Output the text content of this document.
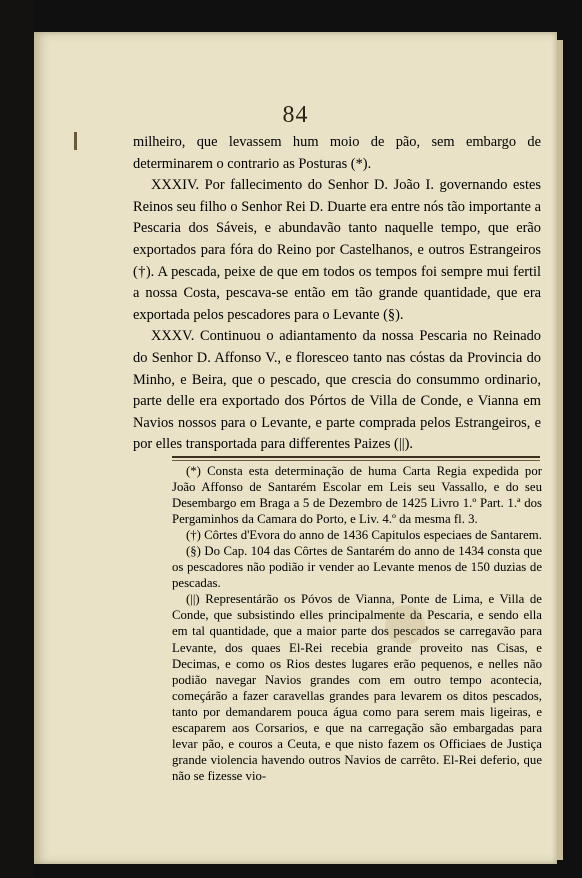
84

milheiro, que levassem hum moio de pão, sem embargo de determinarem o contrario as Posturas (*).

XXXIV. Por fallecimento do Senhor D. João I. governando estes Reinos seu filho o Senhor Rei D. Duarte era entre nós tão importante a Pescaria dos Sáveis, e abundavão tanto naquelle tempo, que erão exportados para fóra do Reino por Castelhanos, e outros Estrangeiros (†). A pescada, peixe de que em todos os tempos foi sempre mui fertil a nossa Costa, pescava-se então em tão grande quantidade, que era exportada pelos pescadores para o Levante (§).

XXXV. Continuou o adiantamento da nossa Pescaria no Reinado do Senhor D. Affonso V., e floresceo tanto nas cóstas da Provincia do Minho, e Beira, que o pescado, que crescia do consummo ordinario, parte delle era exportado dos Pórtos de Villa de Conde, e Vianna em Navios nossos para o Levante, e parte comprada pelos Estrangeiros, e por elles transportada para differentes Paizes (||).

(*) Consta esta determinação de huma Carta Regia expedida por João Affonso de Santarém Escolar em Leis seu Vassallo, e do seu Desembargo em Braga a 5 de Dezembro de 1425 Livro 1.º Part. 1.ª dos Pergaminhos da Camara do Porto, e Liv. 4.º da mesma fl. 3.

(†) Côrtes d'Evora do anno de 1436 Capitulos especiaes de Santarem.

(§) Do Cap. 104 das Côrtes de Santarém do anno de 1434 consta que os pescadores não podião ir vender ao Levante menos de 150 duzias de pescadas.

(||) Representárão os Póvos de Vianna, Ponte de Lima, e Villa de Conde, que subsistindo elles principalmente da Pescaria, e sendo ella em tal quantidade, que a maior parte dos pescados se carregavão para Levante, dos quaes El-Rei recebia grande proveito nas Cisas, e Decimas, e como os Rios destes lugares erão pequenos, e nelles não podião navegar Navios grandes com em outro tempo acontecia, começárão a fazer caravellas grandes para levarem os ditos pescados, tanto por demandarem pouca água como para serem mais ligeiras, e escaparem aos Corsarios, e que na carregação são embargadas para levar pão, e couros a Ceuta, e que nisto fazem os Officiaes de Justiça grande violencia havendo outros Navios de carrêto. El-Rei deferio, que não se fizesse vio-
